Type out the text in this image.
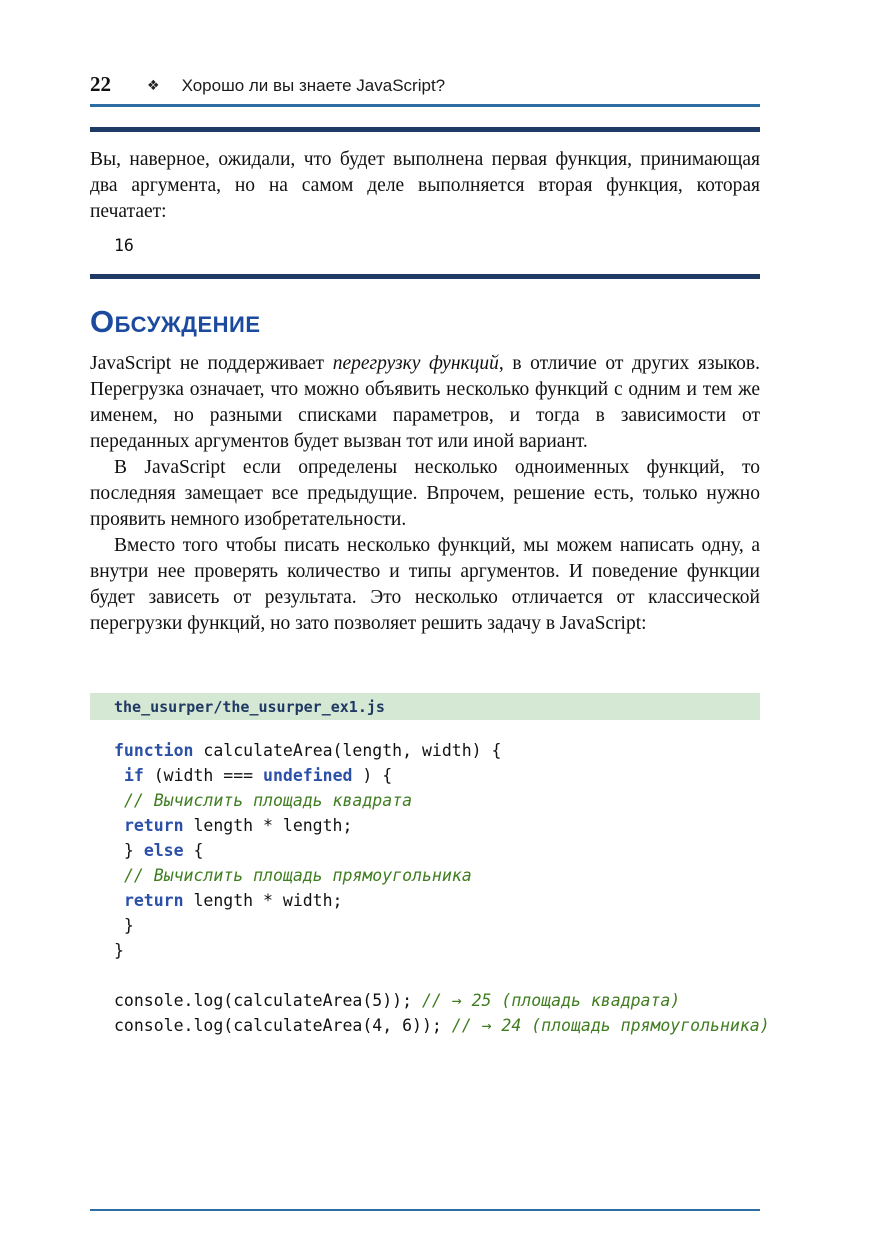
22	❖ Хорошо ли вы знаете JavaScript?

Вы, наверное, ожидали, что будет выполнена первая функция, принимающая два аргумента, но на самом деле выполняется вторая функция, которая печатает:

16
Обсуждение

JavaScript не поддерживает перегрузку функций, в отличие от других языков. Перегрузка означает, что можно объявить несколько функций с одним и тем же именем, но разными списками параметров, и тогда в зависимости от переданных аргументов будет вызван тот или иной вариант.

В JavaScript если определены несколько одноименных функций, то последняя замещает все предыдущие. Впрочем, решение есть, только нужно проявить немного изобретательности.

Вместо того чтобы писать несколько функций, мы можем написать одну, а внутри нее проверять количество и типы аргументов. И поведение функции будет зависеть от результата. Это несколько отличается от классической перегрузки функций, но зато позволяет решить задачу в JavaScript:

the_usurper/the_usurper_ex1.js
function calculateArea(length, width) {
if (width === undefined ) {
// Вычислить площадь квадрата
return length * length;
} else {
// Вычислить площадь прямоугольника
return length * width;
}
}

console.log(calculateArea(5)); // → 25 (площадь квадрата)
console.log(calculateArea(4, 6)); // → 24 (площадь прямоугольника)
